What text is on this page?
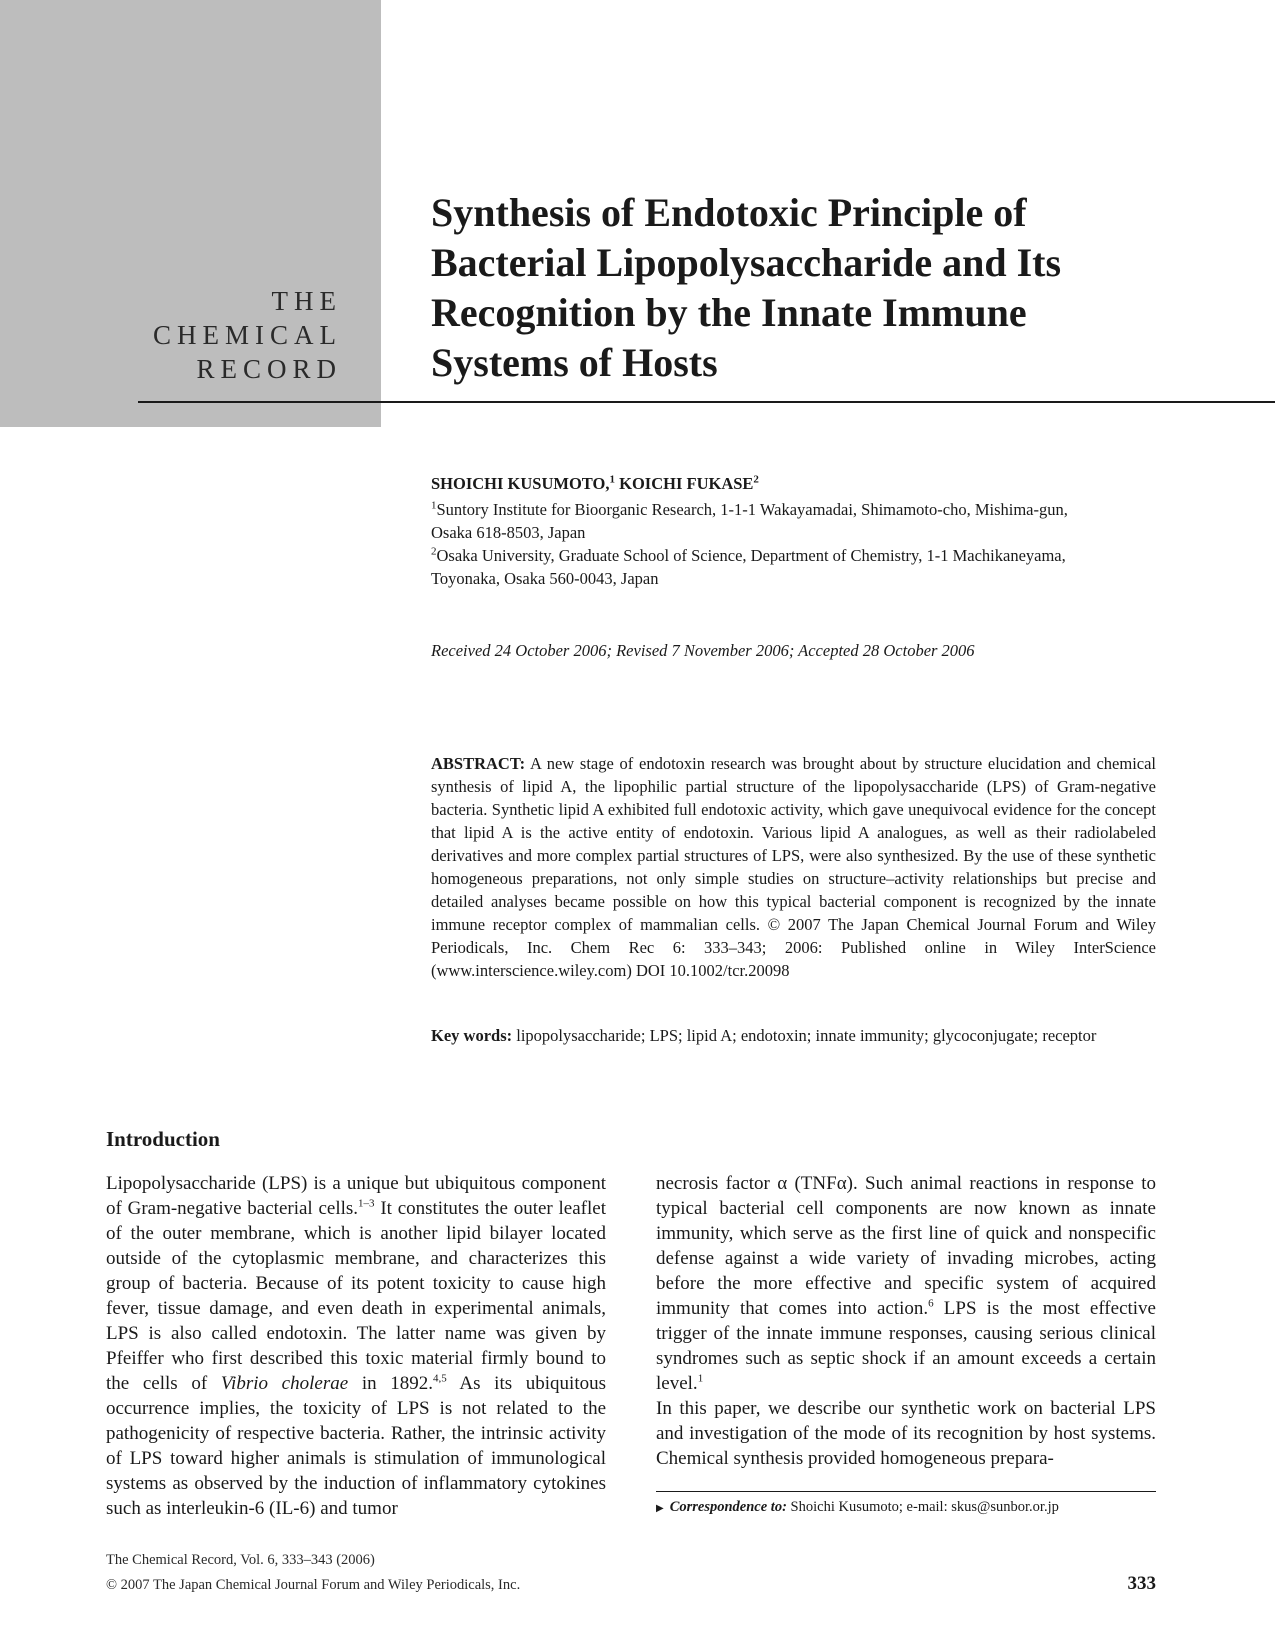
THE
CHEMICAL
RECORD
Synthesis of Endotoxic Principle of
Bacterial Lipopolysaccharide and Its
Recognition by the Innate Immune
Systems of Hosts
SHOICHI KUSUMOTO,$^1$ KOICHI FUKASE$^2$
$^1$Suntory Institute for Bioorganic Research, 1-1-1 Wakayamadai, Shimamoto-cho, Mishima-gun,
Osaka 618-8503, Japan
$^2$Osaka University, Graduate School of Science, Department of Chemistry, 1-1 Machikaneyama,
Toyonaka, Osaka 560-0043, Japan
Received 24 October 2006; Revised 7 November 2006; Accepted 28 October 2006

ABSTRACT: A new stage of endotoxin research was brought about by structure elucidation and chemical synthesis of lipid A, the lipophilic partial structure of the lipopolysaccharide (LPS) of Gram-negative bacteria. Synthetic lipid A exhibited full endotoxic activity, which gave unequivocal evidence for the concept that lipid A is the active entity of endotoxin. Various lipid A analogues, as well as their radiolabeled derivatives and more complex partial structures of LPS, were also synthesized. By the use of these synthetic homogeneous preparations, not only simple studies on structure–activity relationships but precise and detailed analyses became possible on how this typical bacterial component is recognized by the innate immune receptor complex of mammalian cells. © 2007 The Japan Chemical Journal Forum and Wiley Periodicals, Inc. Chem Rec 6: 333–343; 2006: Published online in Wiley InterScience (www.interscience.wiley.com) DOI 10.1002/tcr.20098

Key words: lipopolysaccharide; LPS; lipid A; endotoxin; innate immunity; glycoconjugate; receptor

Introduction

Lipopolysaccharide (LPS) is a unique but ubiquitous component of Gram-negative bacterial cells.$^{1-3}$ It constitutes the outer leaflet of the outer membrane, which is another lipid bilayer located outside of the cytoplasmic membrane, and characterizes this group of bacteria. Because of its potent toxicity to cause high fever, tissue damage, and even death in experimental animals, LPS is also called endotoxin. The latter name was given by Pfeiffer who first described this toxic material firmly bound to the cells of Vibrio cholerae in 1892.$^{4,5}$ As its ubiquitous occurrence implies, the toxicity of LPS is not related to the pathogenicity of respective bacteria. Rather, the intrinsic activity of LPS toward higher animals is stimulation of immunological systems as observed by the induction of inflammatory cytokines such as interleukin-6 (IL-6) and tumor

necrosis factor α (TNFα). Such animal reactions in response to typical bacterial cell components are now known as innate immunity, which serve as the first line of quick and nonspecific defense against a wide variety of invading microbes, acting before the more effective and specific system of acquired immunity that comes into action.$^6$ LPS is the most effective trigger of the innate immune responses, causing serious clinical syndromes such as septic shock if an amount exceeds a certain level.$^1$

In this paper, we describe our synthetic work on bacterial LPS and investigation of the mode of its recognition by host systems. Chemical synthesis provided homogeneous prepara-

▶ Correspondence to: Shoichi Kusumoto; e-mail: skus@sunbor.or.jp
The Chemical Record, Vol. 6, 333–343 (2006)
© 2007 The Japan Chemical Journal Forum and Wiley Periodicals, Inc.	333
